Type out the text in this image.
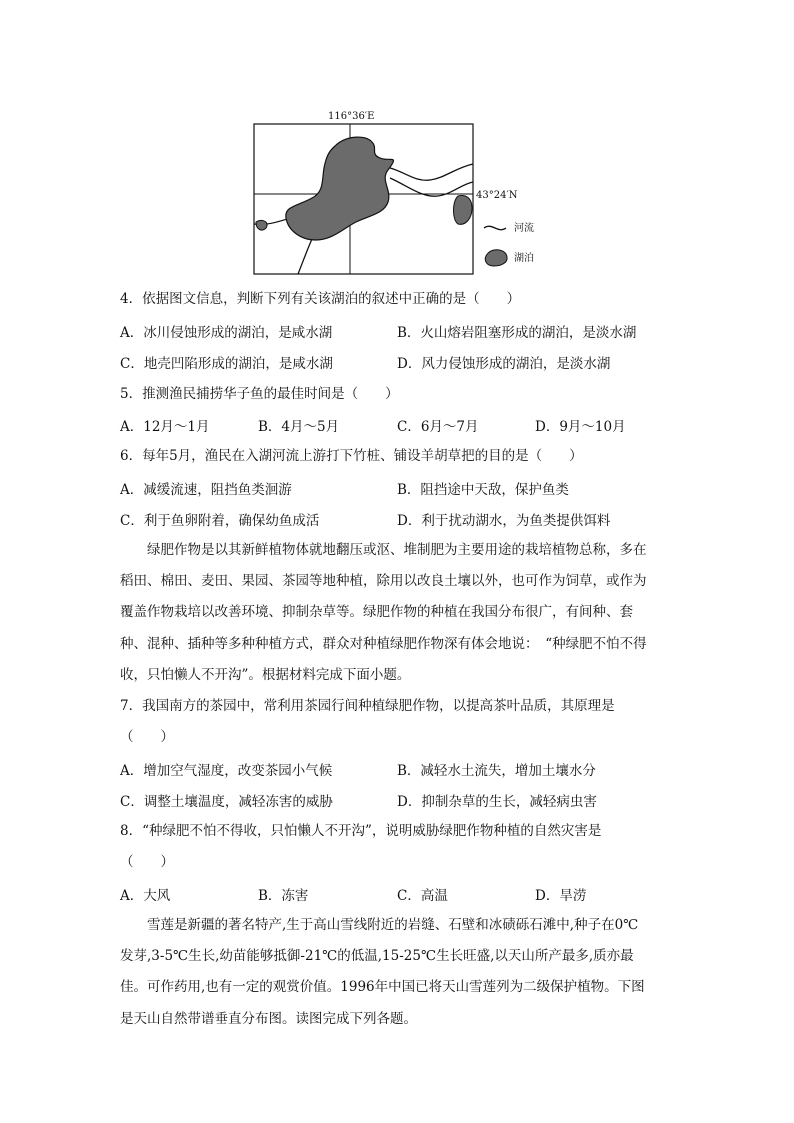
116°36′E
43°24′N
河流
湖泊
4．依据图文信息，判断下列有关该湖泊的叙述中正确的是（　　）
A．冰川侵蚀形成的湖泊，是咸水湖	B．火山熔岩阻塞形成的湖泊，是淡水湖
C．地壳凹陷形成的湖泊，是咸水湖	D．风力侵蚀形成的湖泊，是淡水湖
5．推测渔民捕捞华子鱼的最佳时间是（　　）
A．12月～1月	B．4月～5月	C．6月～7月	D．9月～10月
6．每年5月，渔民在入湖河流上游打下竹桩、铺设羊胡草把的目的是（　　）
A．减缓流速，阻挡鱼类洄游	B．阻挡途中天敌，保护鱼类
C．利于鱼卵附着，确保幼鱼成活	D．利于扰动湖水，为鱼类提供饵料
绿肥作物是以其新鲜植物体就地翻压或沤、堆制肥为主要用途的栽培植物总称，多在
稻田、棉田、麦田、果园、茶园等地种植，除用以改良土壤以外，也可作为饲草，或作为
覆盖作物栽培以改善环境、抑制杂草等。绿肥作物的种植在我国分布很广，有间种、套
种、混种、插种等多种种植方式，群众对种植绿肥作物深有体会地说：　“种绿肥不怕不得
收，只怕懒人不开沟”。根据材料完成下面小题。
7．我国南方的茶园中，常利用茶园行间种植绿肥作物，以提高茶叶品质，其原理是
（　　）
A．增加空气湿度，改变茶园小气候	B．减轻水土流失，增加土壤水分
C．调整土壤温度，减轻冻害的威胁	D．抑制杂草的生长，减轻病虫害
8．“种绿肥不怕不得收，只怕懒人不开沟”，说明威胁绿肥作物种植的自然灾害是
（　　）
A．大风	B．冻害	C．高温	D．旱涝
雪莲是新疆的著名特产,生于高山雪线附近的岩缝、石壁和冰碛砾石滩中,种子在0℃
发芽,3-5℃生长,幼苗能够抵御-21℃的低温,15-25℃生长旺盛,以天山所产最多,质亦最
佳。可作药用,也有一定的观赏价值。1996年中国已将天山雪莲列为二级保护植物。下图
是天山自然带谱垂直分布图。读图完成下列各题。
